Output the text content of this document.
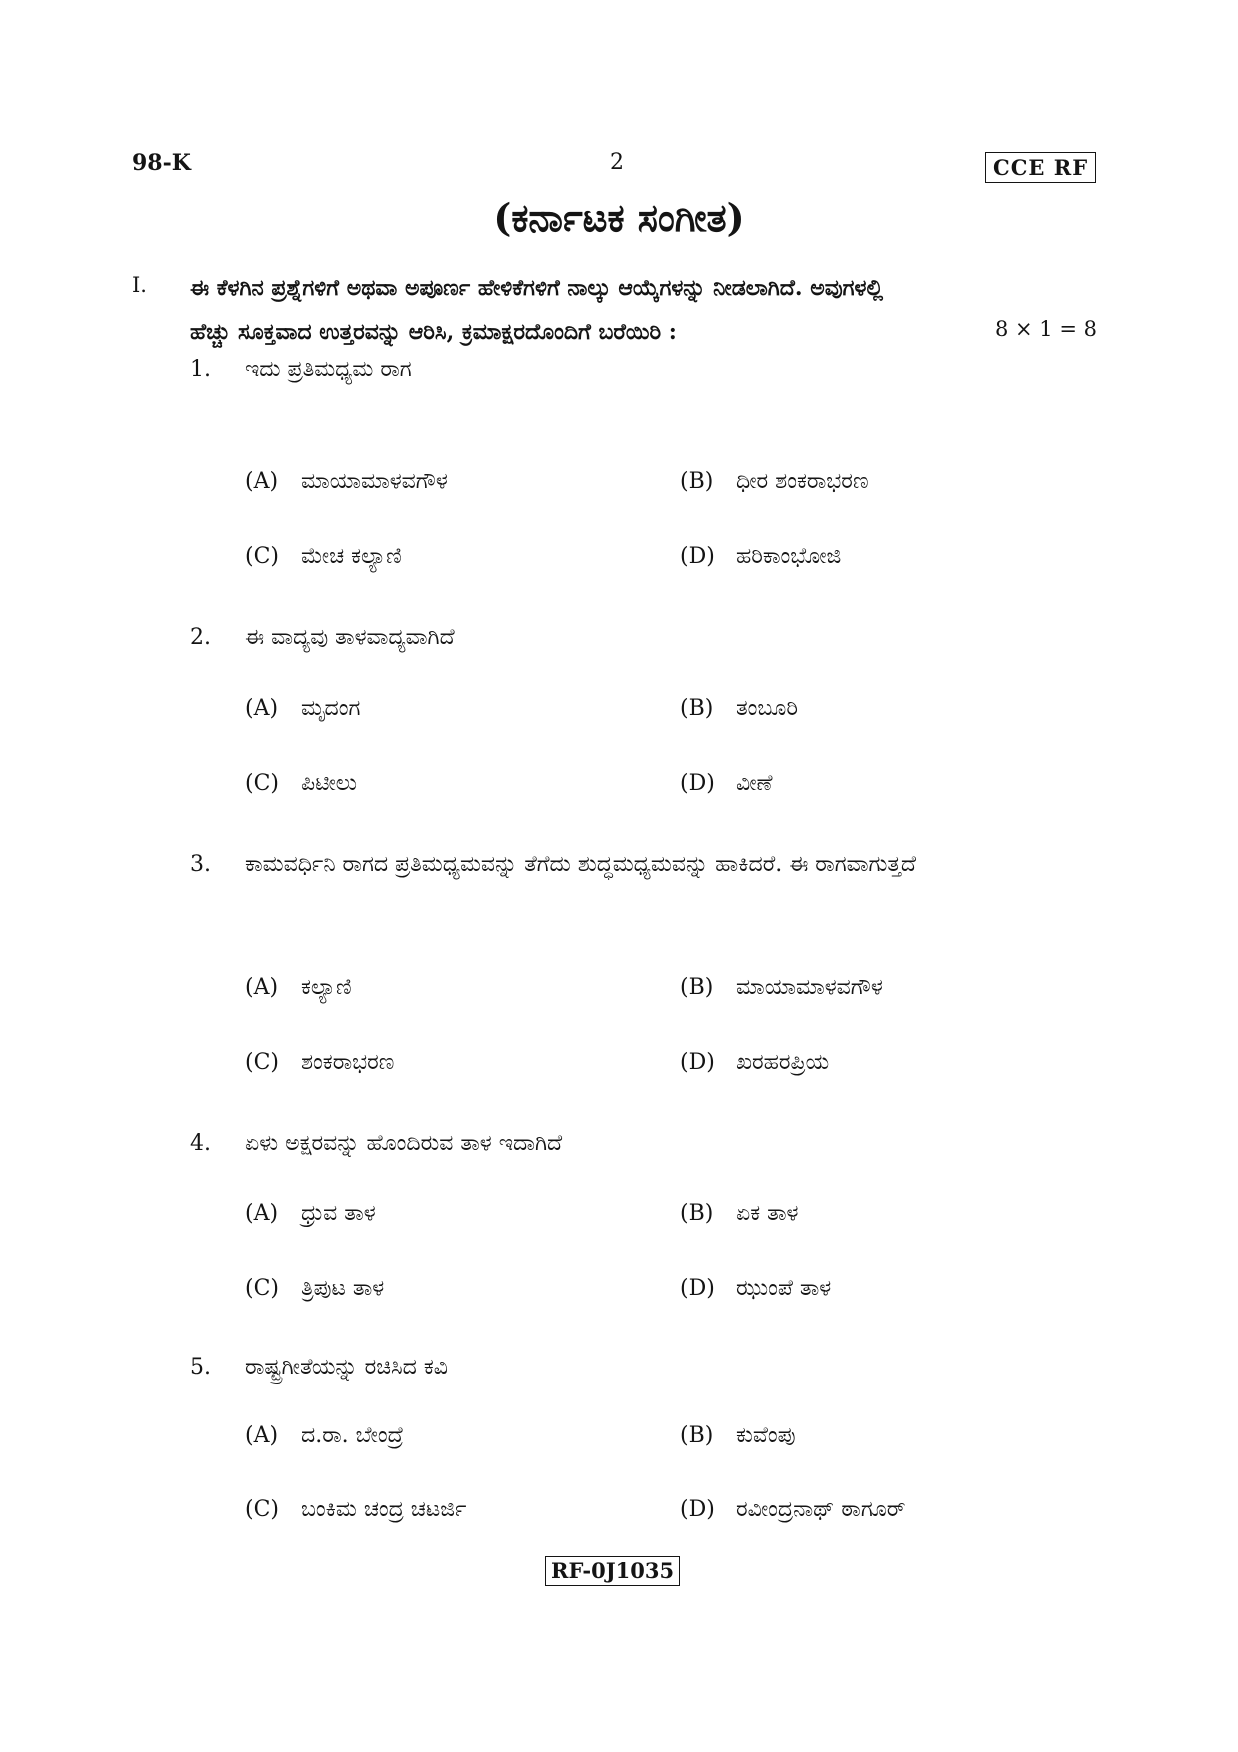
98-K	2	CCE RF
(ಕರ್ನಾಟಕ ಸಂಗೀತ)
I. ಈ ಕೆಳಗಿನ ಪ್ರಶ್ನೆಗಳಿಗೆ ಅಥವಾ ಅಪೂರ್ಣ ಹೇಳಿಕೆಗಳಿಗೆ ನಾಲ್ಕು ಆಯ್ಕೆಗಳನ್ನು ನೀಡಲಾಗಿದೆ. ಅವುಗಳಲ್ಲಿ
ಹೆಚ್ಚು ಸೂಕ್ತವಾದ ಉತ್ತರವನ್ನು ಆರಿಸಿ, ಕ್ರಮಾಕ್ಷರದೊಂದಿಗೆ ಬರೆಯಿರಿ :	8 × 1 = 8
1. ಇದು ಪ್ರತಿಮಧ್ಯಮ ರಾಗ
(A) ಮಾಯಾಮಾಳವಗೌಳ	(B) ಧೀರ ಶಂಕರಾಭರಣ
(C) ಮೇಚ ಕಲ್ಯಾಣಿ	(D) ಹರಿಕಾಂಭೋಜಿ
2. ಈ ವಾದ್ಯವು ತಾಳವಾದ್ಯವಾಗಿದೆ
(A) ಮೃದಂಗ	(B) ತಂಬೂರಿ
(C) ಪಿಟೀಲು	(D) ವೀಣೆ
3. ಕಾಮವರ್ಧಿನಿ ರಾಗದ ಪ್ರತಿಮಧ್ಯಮವನ್ನು ತೆಗೆದು ಶುದ್ಧಮಧ್ಯಮವನ್ನು ಹಾಕಿದರೆ. ಈ ರಾಗವಾಗುತ್ತದೆ
(A) ಕಲ್ಯಾಣಿ	(B) ಮಾಯಾಮಾಳವಗೌಳ
(C) ಶಂಕರಾಭರಣ	(D) ಖರಹರಪ್ರಿಯ
4. ಏಳು ಅಕ್ಷರವನ್ನು ಹೊಂದಿರುವ ತಾಳ ಇದಾಗಿದೆ
(A) ಧ್ರುವ ತಾಳ	(B) ಏಕ ತಾಳ
(C) ತ್ರಿಪುಟ ತಾಳ	(D) ಝುಂಪೆ ತಾಳ
5. ರಾಷ್ಟ್ರಗೀತೆಯನ್ನು ರಚಿಸಿದ ಕವಿ
(A) ದ.ರಾ. ಬೇಂದ್ರೆ	(B) ಕುವೆಂಪು
(C) ಬಂಕಿಮ ಚಂದ್ರ ಚಟರ್ಜಿ	(D) ರವೀಂದ್ರನಾಥ್ ಠಾಗೂರ್
RF-0J1035
